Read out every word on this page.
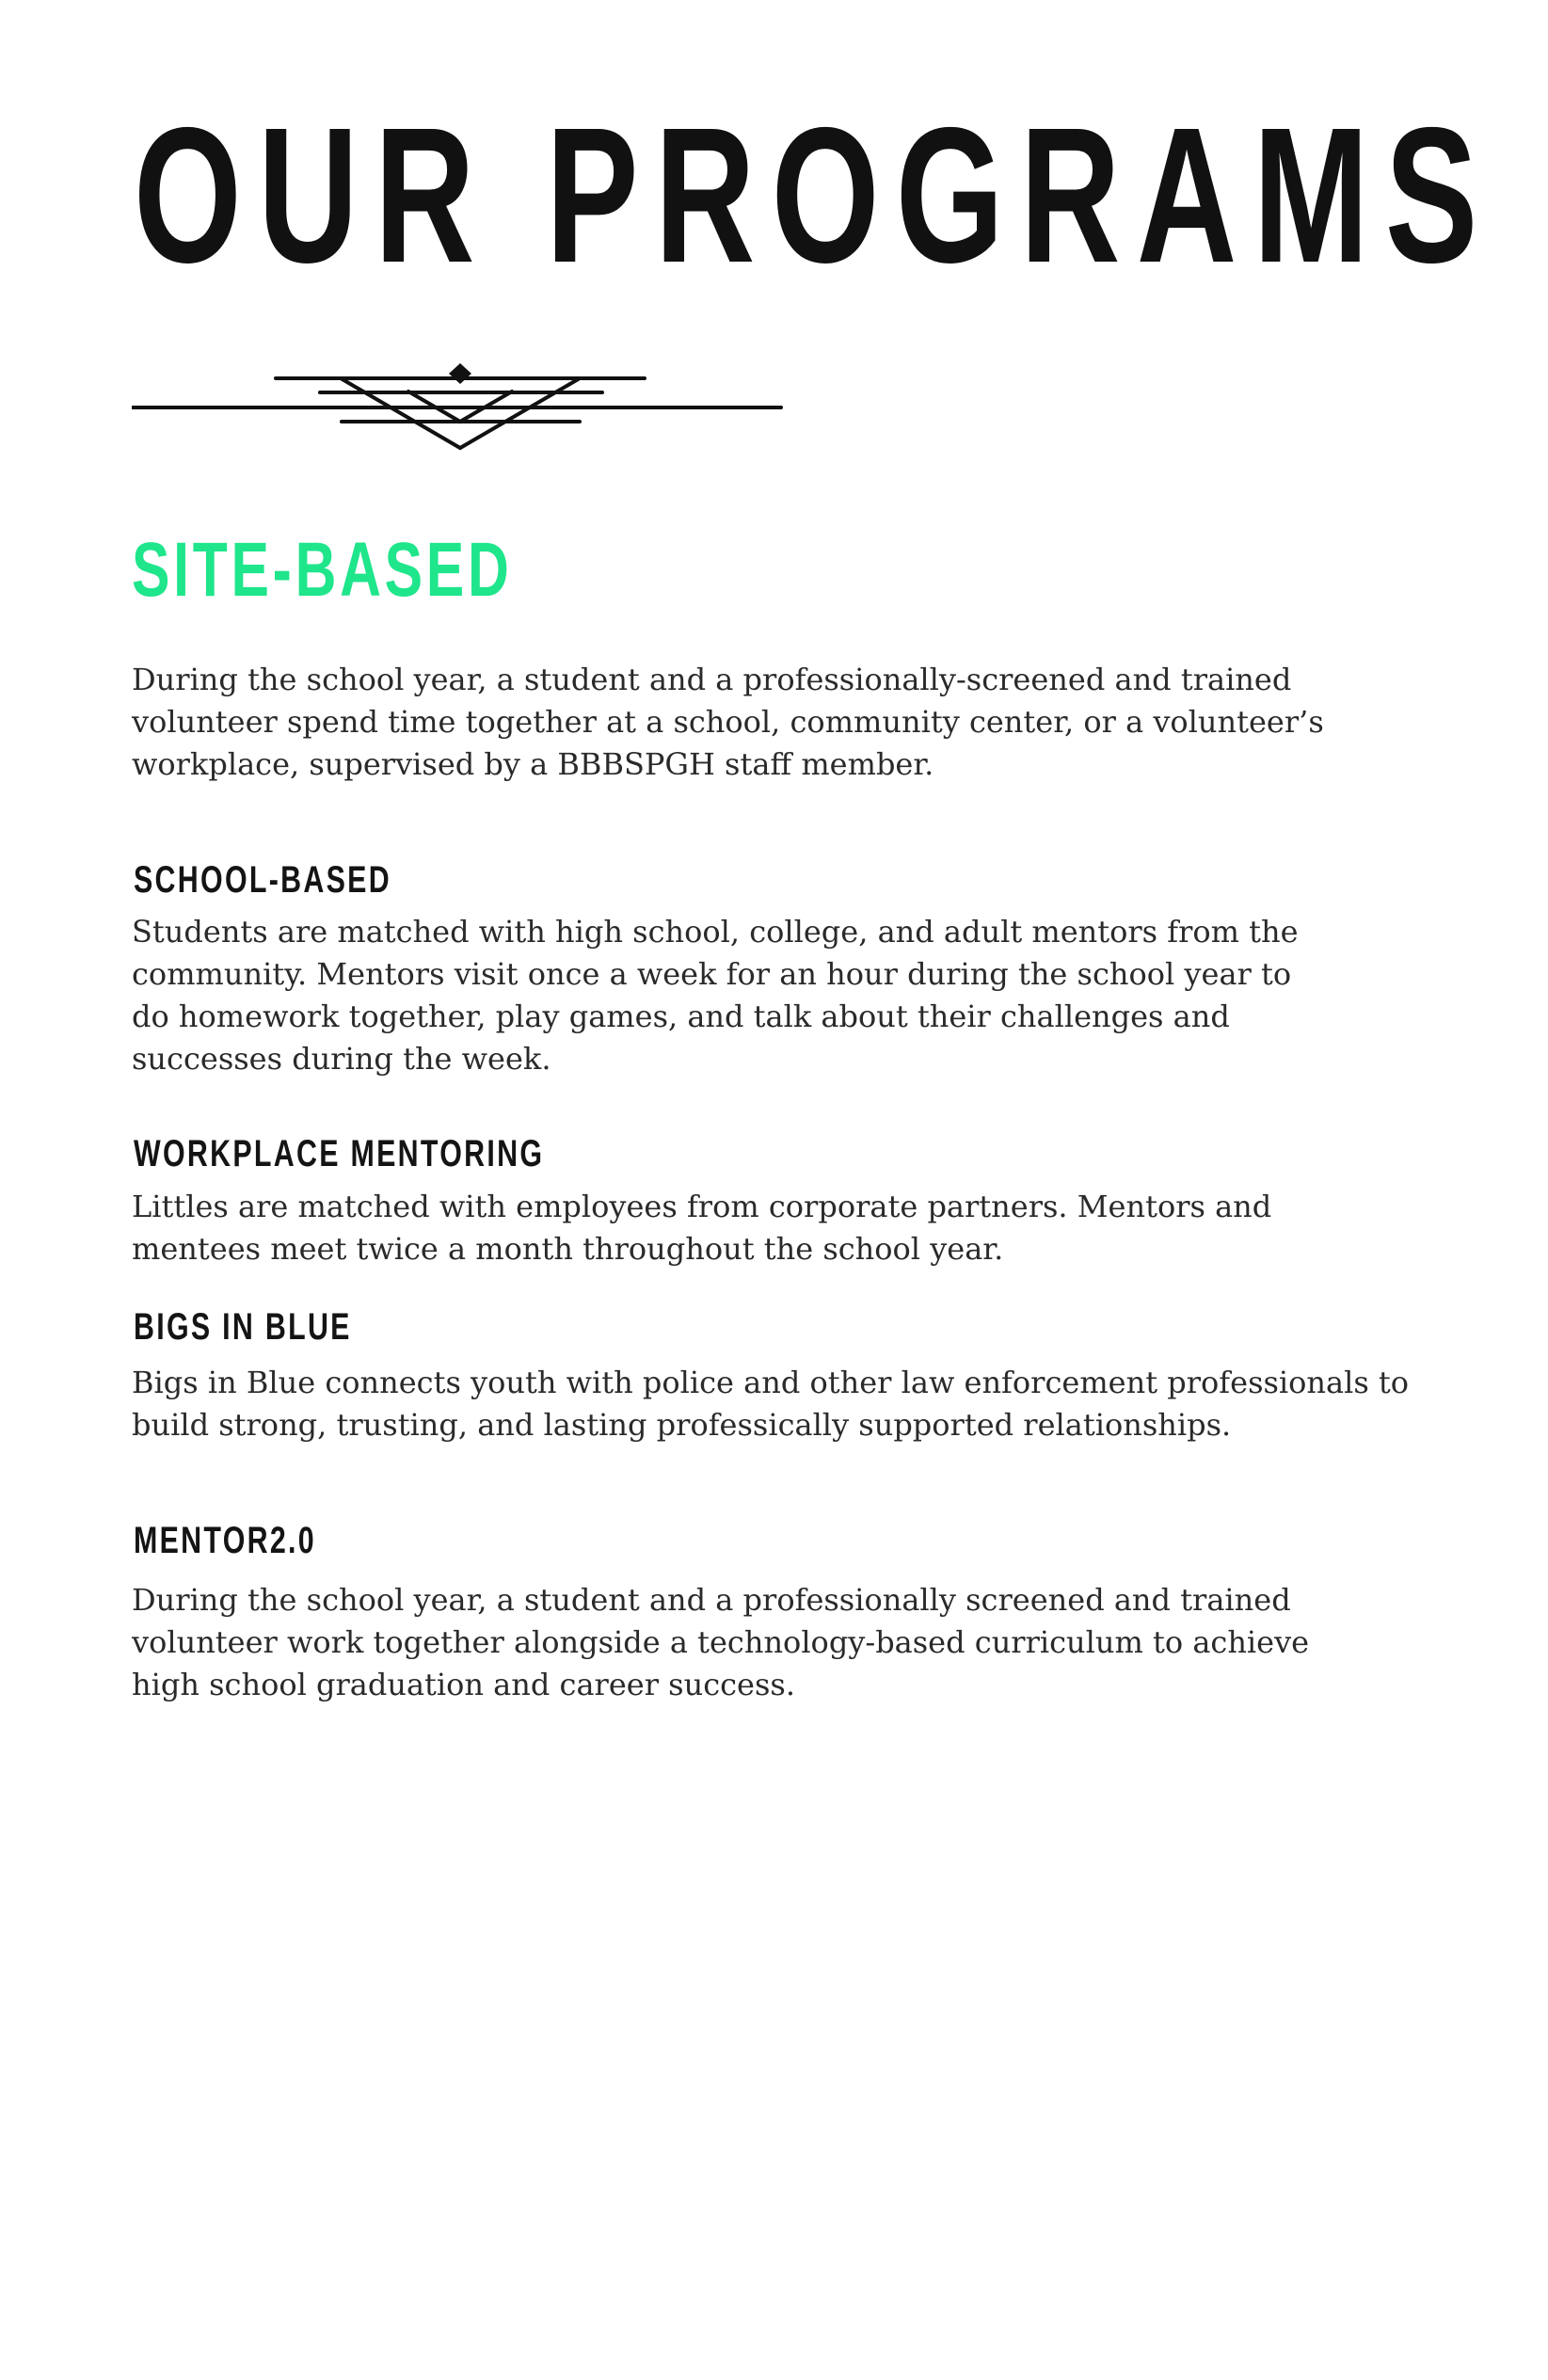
OUR PROGRAMS
SITE-BASED

During the school year, a student and a professionally-screened and trained
volunteer spend time together at a school, community center, or a volunteer’s
workplace, supervised by a BBBSPGH staff member.

SCHOOL-BASED

Students are matched with high school, college, and adult mentors from the
community. Mentors visit once a week for an hour during the school year to
do homework together, play games, and talk about their challenges and
successes during the week.

WORKPLACE MENTORING

Littles are matched with employees from corporate partners. Mentors and
mentees meet twice a month throughout the school year.

BIGS IN BLUE

Bigs in Blue connects youth with police and other law enforcement professionals to
build strong, trusting, and lasting professically supported relationships.

MENTOR2.0

During the school year, a student and a professionally screened and trained
volunteer work together alongside a technology-based curriculum to achieve
high school graduation and career success.
